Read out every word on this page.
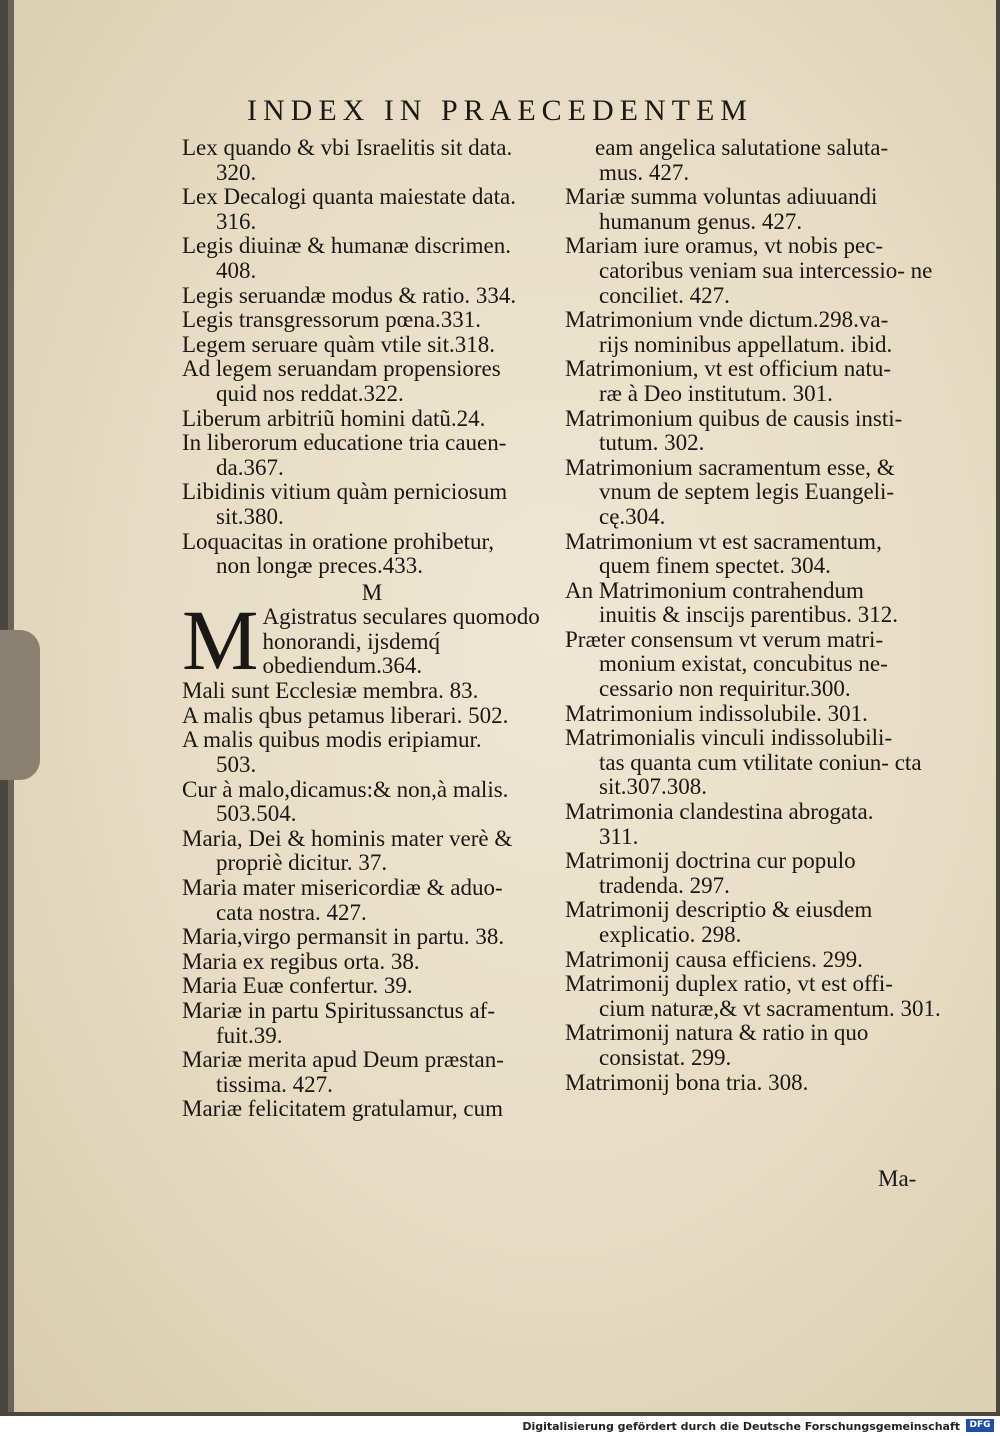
INDEX IN PRAECEDENTEM
Lex quando & vbi Israelitis sit data.
320.
Lex Decalogi quanta maiestate data.
316.
Legis diuinæ & humanæ discrimen.
408.
Legis seruandæ modus & ratio. 334.
Legis transgressorum pœna.331.
Legem seruare quàm vtile sit.318.
Ad legem seruandam propensiores
quid nos reddat.322.
Liberum arbitriũ homini datũ.24.
In liberorum educatione tria cauen-
da.367.
Libidinis vitium quàm perniciosum
sit.380.
Loquacitas in oratione prohibetur,
non longæ preces.433.
M
M Agistratus seculares quomodo honorandi, ijsdemq́ obediendum.364.
Mali sunt Ecclesiæ membra. 83.
A malis qbus petamus liberari. 502.
A malis quibus modis eripiamur.
503.
Cur à malo,dicamus:& non,à malis.
503.504.
Maria, Dei & hominis mater verè &
propriè dicitur. 37.
Maria mater misericordiæ & aduo-
cata nostra. 427.
Maria,virgo permansit in partu. 38.
Maria ex regibus orta. 38.
Maria Euæ confertur. 39.
Mariæ in partu Spiritussanctus af-
fuit.39.
Mariæ merita apud Deum præstan-
tissima. 427.
Mariæ felicitatem gratulamur, cum
eam angelica salutatione saluta-
mus. 427.
Mariæ summa voluntas adiuuandi
humanum genus. 427.
Mariam iure oramus, vt nobis pec-
catoribus veniam sua intercessio- ne conciliet. 427.
Matrimonium vnde dictum.298.va-
rijs nominibus appellatum. ibid.
Matrimonium, vt est officium natu-
ræ à Deo institutum. 301.
Matrimonium quibus de causis insti-
tutum. 302.
Matrimonium sacramentum esse, &
vnum de septem legis Euangeli- cę.304.
Matrimonium vt est sacramentum,
quem finem spectet. 304.
An Matrimonium contrahendum
inuitis & inscijs parentibus. 312.
Præter consensum vt verum matri-
monium existat, concubitus ne- cessario non requiritur.300.
Matrimonium indissolubile. 301.
Matrimonialis vinculi indissolubili-
tas quanta cum vtilitate coniun- cta sit.307.308.
Matrimonia clandestina abrogata.
311.
Matrimonij doctrina cur populo
tradenda. 297.
Matrimonij descriptio & eiusdem
explicatio. 298.
Matrimonij causa efficiens. 299.
Matrimonij duplex ratio, vt est offi-
cium naturæ,& vt sacramentum. 301.
Matrimonij natura & ratio in quo
consistat. 299.
Matrimonij bona tria. 308.
Ma-
Digitalisierung gefördert durch die Deutsche Forschungsgemeinschaft	DFG
